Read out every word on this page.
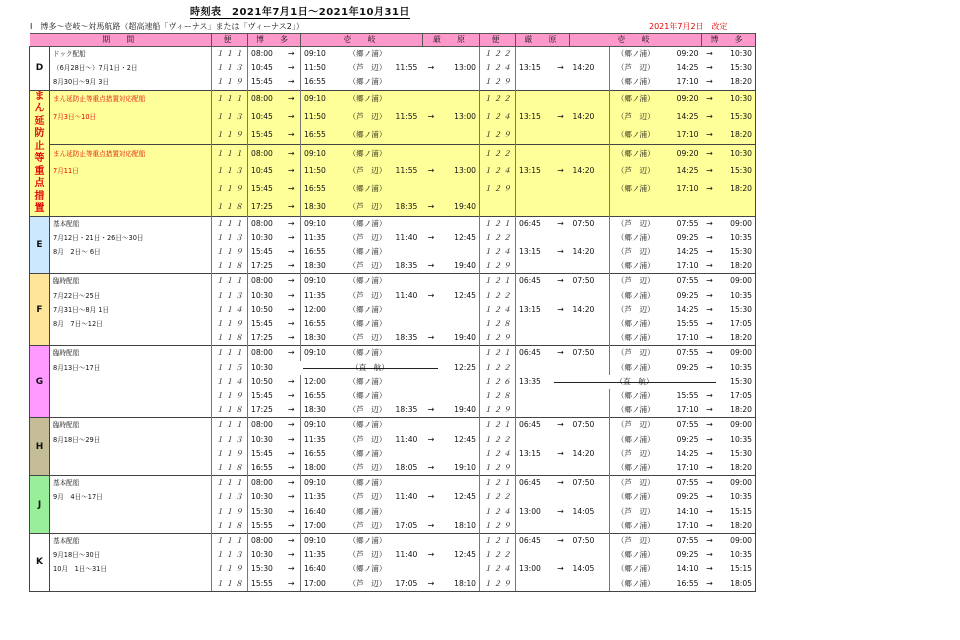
時刻表　2021年7月1日〜2021年10月31日
Ⅰ　博多〜壱岐〜対馬航路（超高速船「ヴィーナス」または「ヴィーナス2」）	2021年7月2日　改定
期　間		便	博　多		壱　岐			厳　原		便	厳　原		壱　岐			博　多	
D	ドック配船	１１１	08:00	→	09:10	（郷ノ浦）				１２２				（郷ノ浦）	09:20	→	10:30
	（6月28日〜）7月1日・2日	１１３	10:45	→	11:50	（芦　辺）	11:55	→	13:00	１２４	13:15	→	14:20	（芦　辺）	14:25	→	15:30
	8月30日〜9月 3日	１１９	15:45	→	16:55	（郷ノ浦）				１２９				（郷ノ浦）	17:10	→	18:20
まん延防止等重点措置	まん延防止等重点措置対応配船	１１１	08:00	→	09:10	（郷ノ浦）				１２２				（郷ノ浦）	09:20	→	10:30
	7月3日〜10日	１１３	10:45	→	11:50	（芦　辺）	11:55	→	13:00	１２４	13:15	→	14:20	（芦　辺）	14:25	→	15:30
		１１９	15:45	→	16:55	（郷ノ浦）				１２９				（郷ノ浦）	17:10	→	18:20
	まん延防止等重点措置対応配船	１１１	08:00	→	09:10	（郷ノ浦）				１２２				（郷ノ浦）	09:20	→	10:30
	7月11日	１１３	10:45	→	11:50	（芦　辺）	11:55	→	13:00	１２４	13:15	→	14:20	（芦　辺）	14:25	→	15:30
		１１９	15:45	→	16:55	（郷ノ浦）				１２９				（郷ノ浦）	17:10	→	18:20
		１１８	17:25	→	18:30	（芦　辺）	18:35	→	19:40								
E	基本配船	１１１	08:00	→	09:10	（郷ノ浦）				１２１	06:45	→	07:50	（芦　辺）	07:55	→	09:00
	7月12日・21日・26日〜30日	１１３	10:30	→	11:35	（芦　辺）	11:40	→	12:45	１２２				（郷ノ浦）	09:25	→	10:35
	8月　2日〜 6日	１１９	15:45	→	16:55	（郷ノ浦）				１２４	13:15	→	14:20	（芦　辺）	14:25	→	15:30
		１１８	17:25	→	18:30	（芦　辺）	18:35	→	19:40	１２９				（郷ノ浦）	17:10	→	18:20
F	臨時配船	１１１	08:00	→	09:10	（郷ノ浦）				１２１	06:45	→	07:50	（芦　辺）	07:55	→	09:00
	7月22日〜25日	１１３	10:30	→	11:35	（芦　辺）	11:40	→	12:45	１２２				（郷ノ浦）	09:25	→	10:35
	7月31日〜8月 1日	１１４	10:50	→	12:00	（郷ノ浦）				１２４	13:15	→	14:20	（芦　辺）	14:25	→	15:30
	8月　7日〜12日	１１９	15:45	→	16:55	（郷ノ浦）				１２８				（郷ノ浦）	15:55	→	17:05
		１１８	17:25	→	18:30	（芦　辺）	18:35	→	19:40	１２９				（郷ノ浦）	17:10	→	18:20
G	臨時配船	１１１	08:00	→	09:10	（郷ノ浦）				１２１	06:45	→	07:50	（芦　辺）	07:55	→	09:00
	8月13日〜17日	１１５	10:30		（直　航）				12:25	１２２				（郷ノ浦）	09:25	→	10:35
		１１４	10:50	→	12:00	（郷ノ浦）				１２６	13:35	（直　航）					15:30
		１１９	15:45	→	16:55	（郷ノ浦）				１２８				（郷ノ浦）	15:55	→	17:05
		１１８	17:25	→	18:30	（芦　辺）	18:35	→	19:40	１２９				（郷ノ浦）	17:10	→	18:20
H	臨時配船	１１１	08:00	→	09:10	（郷ノ浦）				１２１	06:45	→	07:50	（芦　辺）	07:55	→	09:00
	8月18日〜29日	１１３	10:30	→	11:35	（芦　辺）	11:40	→	12:45	１２２				（郷ノ浦）	09:25	→	10:35
		１１９	15:45	→	16:55	（郷ノ浦）				１２４	13:15	→	14:20	（芦　辺）	14:25	→	15:30
		１１８	16:55	→	18:00	（芦　辺）	18:05	→	19:10	１２９				（郷ノ浦）	17:10	→	18:20
J	基本配船	１１１	08:00	→	09:10	（郷ノ浦）				１２１	06:45	→	07:50	（芦　辺）	07:55	→	09:00
	9月　4日〜17日	１１３	10:30	→	11:35	（芦　辺）	11:40	→	12:45	１２２				（郷ノ浦）	09:25	→	10:35
		１１９	15:30	→	16:40	（郷ノ浦）				１２４	13:00	→	14:05	（芦　辺）	14:10	→	15:15
		１１８	15:55	→	17:00	（芦　辺）	17:05	→	18:10	１２９				（郷ノ浦）	17:10	→	18:20
K	基本配船	１１１	08:00	→	09:10	（郷ノ浦）				１２１	06:45	→	07:50	（芦　辺）	07:55	→	09:00
	9月18日〜30日	１１３	10:30	→	11:35	（芦　辺）	11:40	→	12:45	１２２				（郷ノ浦）	09:25	→	10:35
	10月　1日〜31日	１１９	15:30	→	16:40	（郷ノ浦）				１２４	13:00	→	14:05	（郷ノ浦）	14:10	→	15:15
		１１８	15:55	→	17:00	（芦　辺）	17:05	→	18:10	１２９				（郷ノ浦）	16:55	→	18:05
